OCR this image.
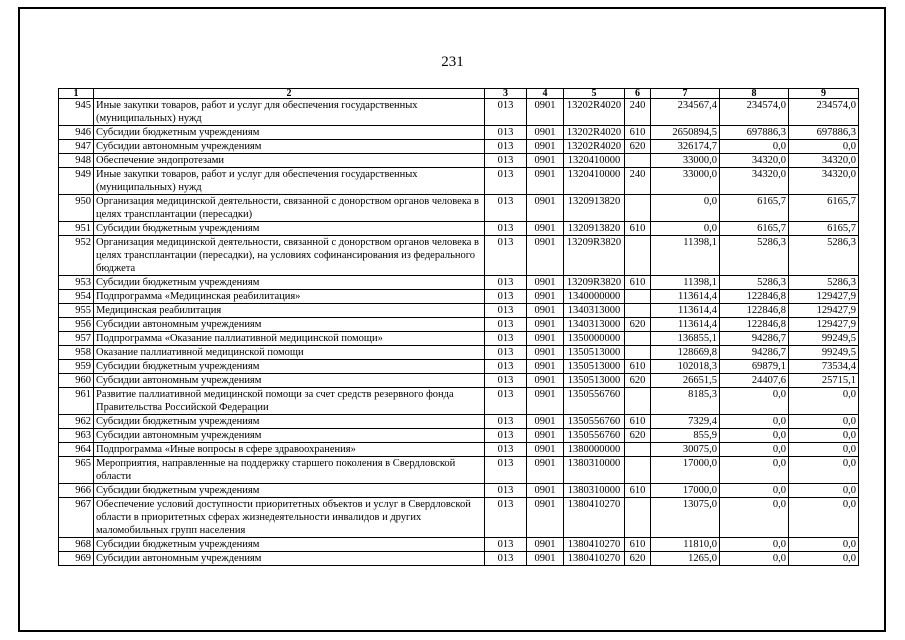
231
1	2	3	4	5	6	7	8	9
945	Иные закупки товаров, работ и услуг для обеспечения государственных (муниципальных) нужд	013	0901	13202R4020	240	234567,4	234574,0	234574,0
946	Субсидии бюджетным учреждениям	013	0901	13202R4020	610	2650894,5	697886,3	697886,3
947	Субсидии автономным учреждениям	013	0901	13202R4020	620	326174,7	0,0	0,0
948	Обеспечение эндопротезами	013	0901	1320410000		33000,0	34320,0	34320,0
949	Иные закупки товаров, работ и услуг для обеспечения государственных (муниципальных) нужд	013	0901	1320410000	240	33000,0	34320,0	34320,0
950	Организация медицинской деятельности, связанной с донорством органов человека в целях трансплантации (пересадки)	013	0901	1320913820		0,0	6165,7	6165,7
951	Субсидии бюджетным учреждениям	013	0901	1320913820	610	0,0	6165,7	6165,7
952	Организация медицинской деятельности, связанной с донорством органов человека в целях трансплантации (пересадки), на условиях софинансирования из федерального бюджета	013	0901	13209R3820		11398,1	5286,3	5286,3
953	Субсидии бюджетным учреждениям	013	0901	13209R3820	610	11398,1	5286,3	5286,3
954	Подпрограмма «Медицинская реабилитация»	013	0901	1340000000		113614,4	122846,8	129427,9
955	Медицинская реабилитация	013	0901	1340313000		113614,4	122846,8	129427,9
956	Субсидии автономным учреждениям	013	0901	1340313000	620	113614,4	122846,8	129427,9
957	Подпрограмма «Оказание паллиативной медицинской помощи»	013	0901	1350000000		136855,1	94286,7	99249,5
958	Оказание паллиативной медицинской помощи	013	0901	1350513000		128669,8	94286,7	99249,5
959	Субсидии бюджетным учреждениям	013	0901	1350513000	610	102018,3	69879,1	73534,4
960	Субсидии автономным учреждениям	013	0901	1350513000	620	26651,5	24407,6	25715,1
961	Развитие паллиативной медицинской помощи за счет средств резервного фонда Правительства Российской Федерации	013	0901	1350556760		8185,3	0,0	0,0
962	Субсидии бюджетным учреждениям	013	0901	1350556760	610	7329,4	0,0	0,0
963	Субсидии автономным учреждениям	013	0901	1350556760	620	855,9	0,0	0,0
964	Подпрограмма «Иные вопросы в сфере здравоохранения»	013	0901	1380000000		30075,0	0,0	0,0
965	Мероприятия, направленные на поддержку старшего поколения в Свердловской области	013	0901	1380310000		17000,0	0,0	0,0
966	Субсидии бюджетным учреждениям	013	0901	1380310000	610	17000,0	0,0	0,0
967	Обеспечение условий доступности приоритетных объектов и услуг в Свердловской области в приоритетных сферах жизнедеятельности инвалидов и других маломобильных групп населения	013	0901	1380410270		13075,0	0,0	0,0
968	Субсидии бюджетным учреждениям	013	0901	1380410270	610	11810,0	0,0	0,0
969	Субсидии автономным учреждениям	013	0901	1380410270	620	1265,0	0,0	0,0
